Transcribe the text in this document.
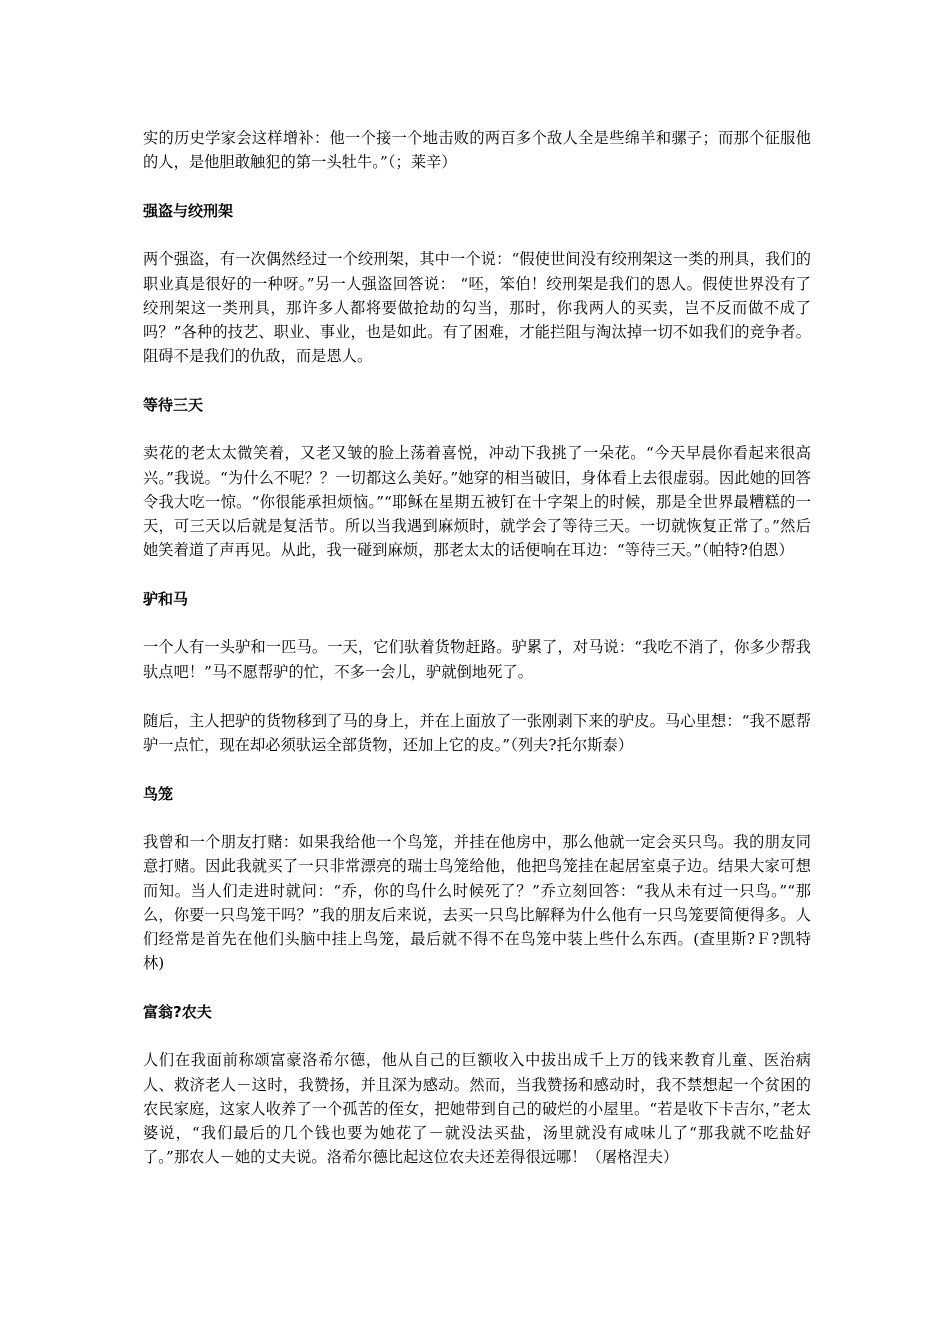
实的历史学家会这样增补：他一个接一个地击败的两百多个敌人全是些绵羊和骡子；而那个征服他的人，是他胆敢触犯的第一头牡牛。”（；莱辛）

强盗与绞刑架

两个强盗，有一次偶然经过一个绞刑架，其中一个说：“假使世间没有绞刑架这一类的刑具，我们的职业真是很好的一种呀。”另一人强盗回答说： “呸，笨伯！绞刑架是我们的恩人。假使世界没有了绞刑架这一类刑具，那许多人都将要做抢劫的勾当，那时，你我两人的买卖，岂不反而做不成了吗？”各种的技艺、职业、事业，也是如此。有了困难，才能拦阻与淘汰掉一切不如我们的竞争者。阻碍不是我们的仇敌，而是恩人。

等待三天

卖花的老太太微笑着，又老又皱的脸上荡着喜悦，冲动下我挑了一朵花。“今天早晨你看起来很高兴。”我说。“为什么不呢？？一切都这么美好。”她穿的相当破旧，身体看上去很虚弱。因此她的回答令我大吃一惊。“你很能承担烦恼。”“耶稣在星期五被钉在十字架上的时候，那是全世界最糟糕的一天，可三天以后就是复活节。所以当我遇到麻烦时，就学会了等待三天。一切就恢复正常了。”然后她笑着道了声再见。从此，我一碰到麻烦，那老太太的话便响在耳边：“等待三天。”（帕特?伯恩）

驴和马

一个人有一头驴和一匹马。一天，它们驮着货物赶路。驴累了，对马说：“我吃不消了，你多少帮我驮点吧！”马不愿帮驴的忙，不多一会儿，驴就倒地死了。

随后，主人把驴的货物移到了马的身上，并在上面放了一张刚剥下来的驴皮。马心里想：“我不愿帮驴一点忙，现在却必须驮运全部货物，还加上它的皮。”（列夫?托尔斯泰）

鸟笼

我曾和一个朋友打赌：如果我给他一个鸟笼，并挂在他房中，那么他就一定会买只鸟。我的朋友同意打赌。因此我就买了一只非常漂亮的瑞士鸟笼给他，他把鸟笼挂在起居室桌子边。结果大家可想而知。当人们走进时就问：“乔，你的鸟什么时候死了？”乔立刻回答：“我从未有过一只鸟。”“那么，你要一只鸟笼干吗？”我的朋友后来说，去买一只鸟比解释为什么他有一只鸟笼要简便得多。人们经常是首先在他们头脑中挂上鸟笼，最后就不得不在鸟笼中装上些什么东西。(查里斯?Ｆ?凯特林)

富翁?农夫

人们在我面前称颂富豪洛希尔德，他从自己的巨额收入中拔出成千上万的钱来教育儿童、医治病人、救济老人－这时，我赞扬，并且深为感动。然而，当我赞扬和感动时，我不禁想起一个贫困的农民家庭，这家人收养了一个孤苦的侄女，把她带到自己的破烂的小屋里。“若是收下卡吉尔，”老太婆说，“我们最后的几个钱也要为她花了－就没法买盐，汤里就没有咸味儿了“那我就不吃盐好了。”那农人－她的丈夫说。洛希尔德比起这位农夫还差得很远哪！（屠格涅夫）
